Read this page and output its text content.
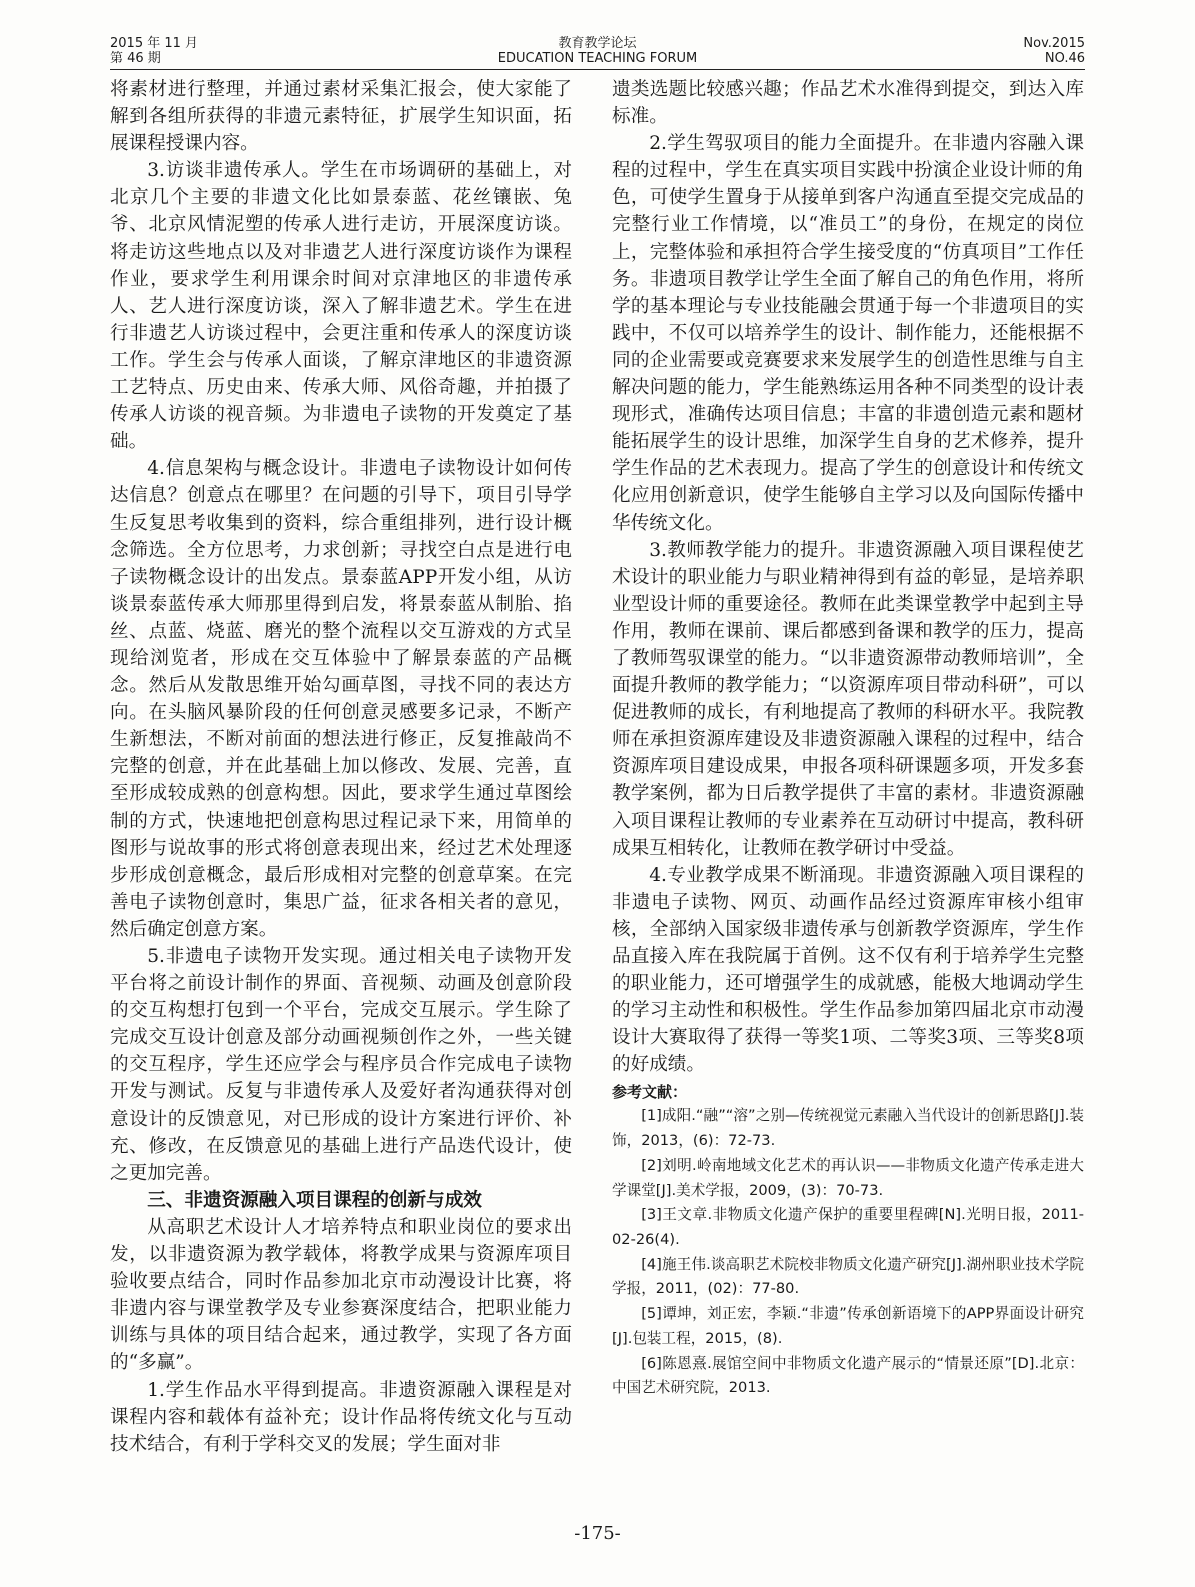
2015 年 11 月
第 46 期
教育教学论坛
EDUCATION TEACHING FORUM
Nov.2015
NO.46

将素材进行整理，并通过素材采集汇报会，使大家能了解到各组所获得的非遗元素特征，扩展学生知识面，拓展课程授课内容。

3.访谈非遗传承人。学生在市场调研的基础上，对北京几个主要的非遗文化比如景泰蓝、花丝镶嵌、兔爷、北京风情泥塑的传承人进行走访，开展深度访谈。将走访这些地点以及对非遗艺人进行深度访谈作为课程作业，要求学生利用课余时间对京津地区的非遗传承人、艺人进行深度访谈，深入了解非遗艺术。学生在进行非遗艺人访谈过程中，会更注重和传承人的深度访谈工作。学生会与传承人面谈，了解京津地区的非遗资源工艺特点、历史由来、传承大师、风俗奇趣，并拍摄了传承人访谈的视音频。为非遗电子读物的开发奠定了基础。

4.信息架构与概念设计。非遗电子读物设计如何传达信息？创意点在哪里？在问题的引导下，项目引导学生反复思考收集到的资料，综合重组排列，进行设计概念筛选。全方位思考，力求创新；寻找空白点是进行电子读物概念设计的出发点。景泰蓝APP开发小组，从访谈景泰蓝传承大师那里得到启发，将景泰蓝从制胎、掐丝、点蓝、烧蓝、磨光的整个流程以交互游戏的方式呈现给浏览者，形成在交互体验中了解景泰蓝的产品概念。然后从发散思维开始勾画草图，寻找不同的表达方向。在头脑风暴阶段的任何创意灵感要多记录，不断产生新想法，不断对前面的想法进行修正，反复推敲尚不完整的创意，并在此基础上加以修改、发展、完善，直至形成较成熟的创意构想。因此，要求学生通过草图绘制的方式，快速地把创意构思过程记录下来，用简单的图形与说故事的形式将创意表现出来，经过艺术处理逐步形成创意概念，最后形成相对完整的创意草案。在完善电子读物创意时，集思广益，征求各相关者的意见，然后确定创意方案。

5.非遗电子读物开发实现。通过相关电子读物开发平台将之前设计制作的界面、音视频、动画及创意阶段的交互构想打包到一个平台，完成交互展示。学生除了完成交互设计创意及部分动画视频创作之外，一些关键的交互程序，学生还应学会与程序员合作完成电子读物开发与测试。反复与非遗传承人及爱好者沟通获得对创意设计的反馈意见，对已形成的设计方案进行评价、补充、修改，在反馈意见的基础上进行产品迭代设计，使之更加完善。

三、非遗资源融入项目课程的创新与成效

从高职艺术设计人才培养特点和职业岗位的要求出发，以非遗资源为教学载体，将教学成果与资源库项目验收要点结合，同时作品参加北京市动漫设计比赛，将非遗内容与课堂教学及专业参赛深度结合，把职业能力训练与具体的项目结合起来，通过教学，实现了各方面的“多赢”。

1.学生作品水平得到提高。非遗资源融入课程是对课程内容和载体有益补充；设计作品将传统文化与互动技术结合，有利于学科交叉的发展；学生面对非

遗类选题比较感兴趣；作品艺术水准得到提交，到达入库标准。

2.学生驾驭项目的能力全面提升。在非遗内容融入课程的过程中，学生在真实项目实践中扮演企业设计师的角色，可使学生置身于从接单到客户沟通直至提交完成品的完整行业工作情境，以“准员工”的身份，在规定的岗位上，完整体验和承担符合学生接受度的“仿真项目”工作任务。非遗项目教学让学生全面了解自己的角色作用，将所学的基本理论与专业技能融会贯通于每一个非遗项目的实践中，不仅可以培养学生的设计、制作能力，还能根据不同的企业需要或竞赛要求来发展学生的创造性思维与自主解决问题的能力，学生能熟练运用各种不同类型的设计表现形式，准确传达项目信息；丰富的非遗创造元素和题材能拓展学生的设计思维，加深学生自身的艺术修养，提升学生作品的艺术表现力。提高了学生的创意设计和传统文化应用创新意识，使学生能够自主学习以及向国际传播中华传统文化。

3.教师教学能力的提升。非遗资源融入项目课程使艺术设计的职业能力与职业精神得到有益的彰显，是培养职业型设计师的重要途径。教师在此类课堂教学中起到主导作用，教师在课前、课后都感到备课和教学的压力，提高了教师驾驭课堂的能力。“以非遗资源带动教师培训”，全面提升教师的教学能力；“以资源库项目带动科研”，可以促进教师的成长，有利地提高了教师的科研水平。我院教师在承担资源库建设及非遗资源融入课程的过程中，结合资源库项目建设成果，申报各项科研课题多项，开发多套教学案例，都为日后教学提供了丰富的素材。非遗资源融入项目课程让教师的专业素养在互动研讨中提高，教科研成果互相转化，让教师在教学研讨中受益。

4.专业教学成果不断涌现。非遗资源融入项目课程的非遗电子读物、网页、动画作品经过资源库审核小组审核，全部纳入国家级非遗传承与创新教学资源库，学生作品直接入库在我院属于首例。这不仅有利于培养学生完整的职业能力，还可增强学生的成就感，能极大地调动学生的学习主动性和积极性。学生作品参加第四届北京市动漫设计大赛取得了获得一等奖1项、二等奖3项、三等奖8项的好成绩。

参考文献：

[1]成阳.“融”“溶”之别—传统视觉元素融入当代设计的创新思路[J].装饰，2013，(6)：72-73.

[2]刘明.岭南地域文化艺术的再认识——非物质文化遗产传承走进大学课堂[J].美术学报，2009，(3)：70-73.

[3]王文章.非物质文化遗产保护的重要里程碑[N].光明日报，2011-02-26(4).

[4]施王伟.谈高职艺术院校非物质文化遗产研究[J].湖州职业技术学院学报，2011，(02)：77-80.

[5]谭坤，刘正宏，李颖.“非遗”传承创新语境下的APP界面设计研究[J].包装工程，2015，(8).

[6]陈恩熹.展馆空间中非物质文化遗产展示的“情景还原”[D].北京：中国艺术研究院，2013.

-175-
